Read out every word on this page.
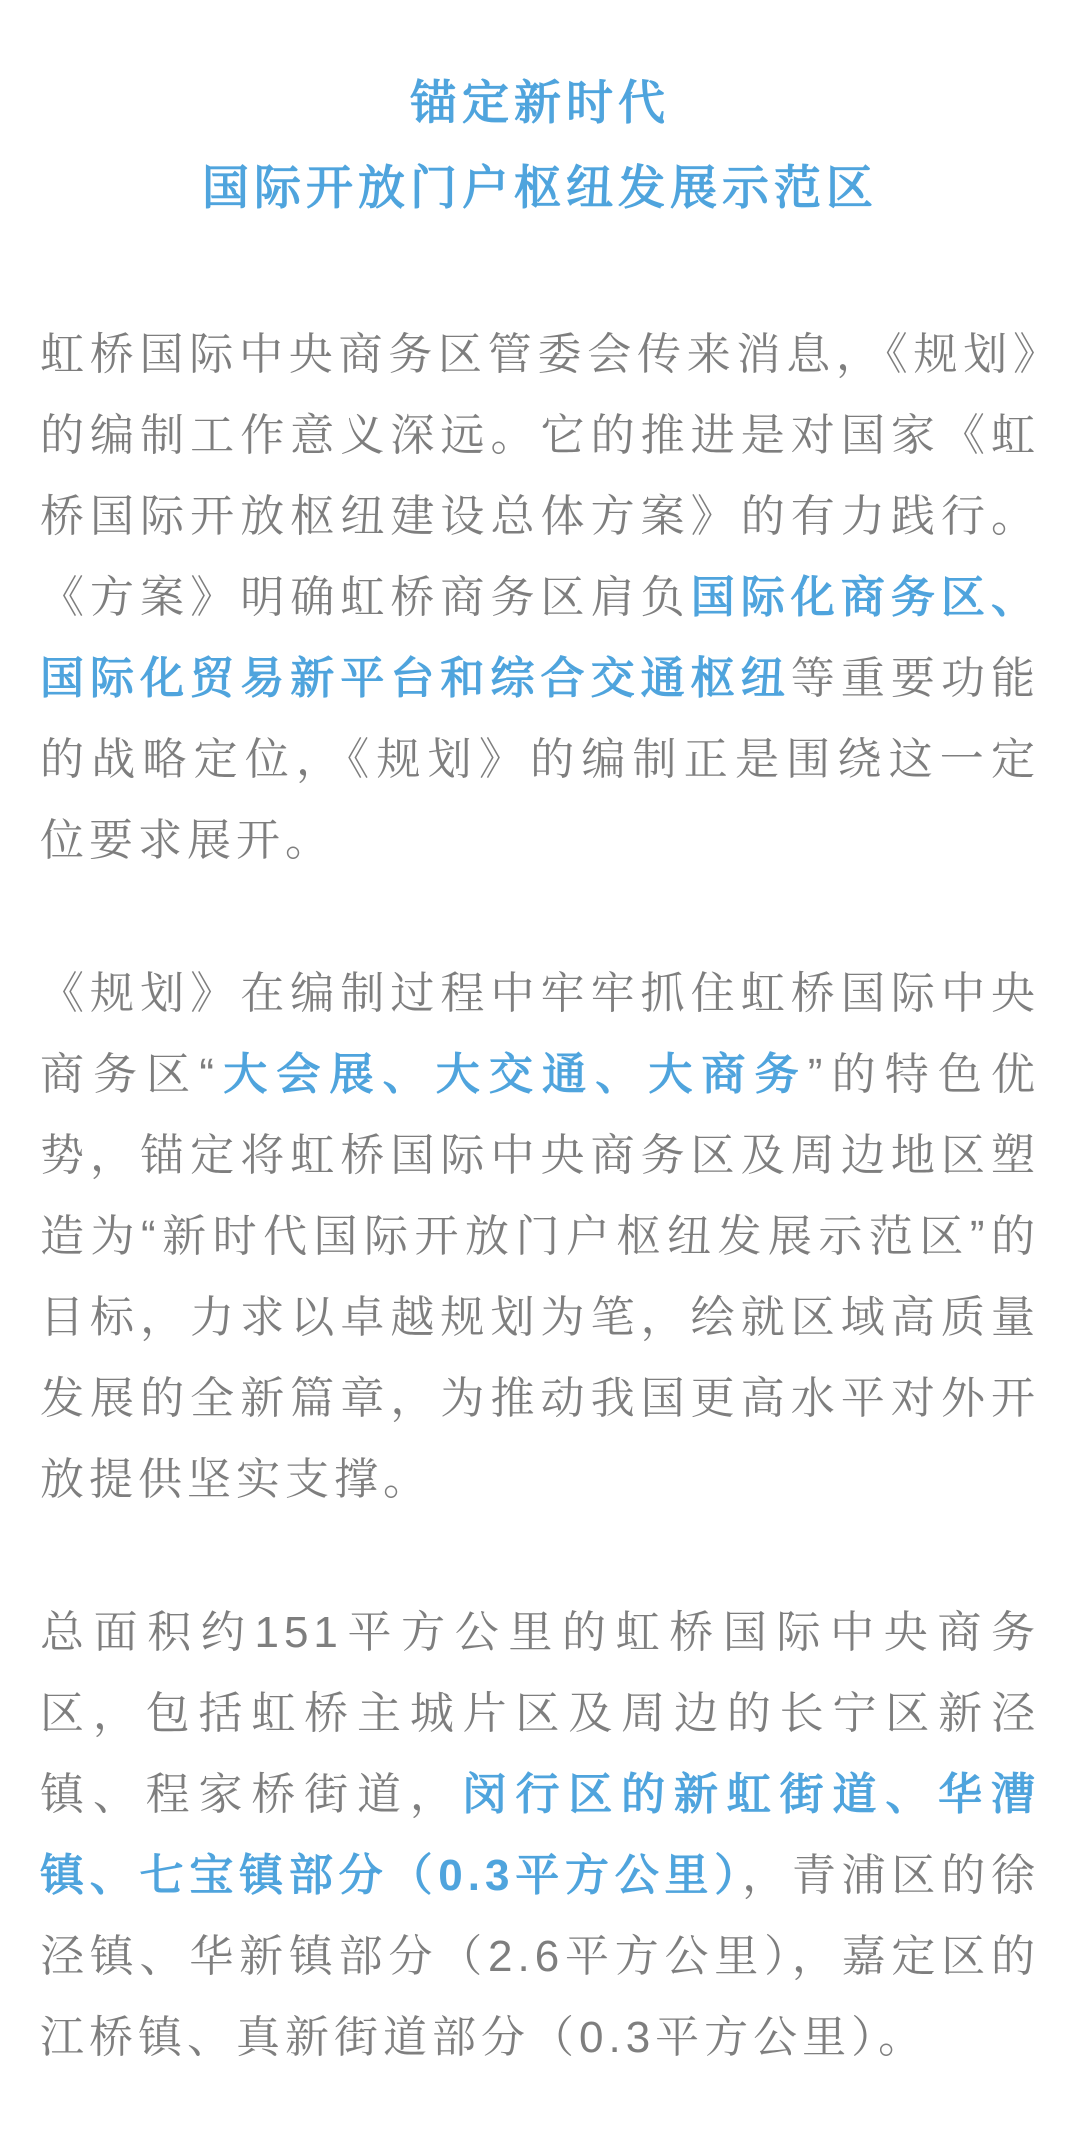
锚定新时代
国际开放门户枢纽发展示范区

虹桥国际中央商务区管委会传来消息，《规划》的编制工作意义深远。它的推进是对国家《虹桥国际开放枢纽建设总体方案》的有力践行。《方案》明确虹桥商务区肩负国际化商务区、国际化贸易新平台和综合交通枢纽等重要功能的战略定位，《规划》的编制正是围绕这一定位要求展开。

《规划》在编制过程中牢牢抓住虹桥国际中央商务区“大会展、大交通、大商务”的特色优势，锚定将虹桥国际中央商务区及周边地区塑造为“新时代国际开放门户枢纽发展示范区”的目标，力求以卓越规划为笔，绘就区域高质量发展的全新篇章，为推动我国更高水平对外开放提供坚实支撑。

总面积约151平方公里的虹桥国际中央商务区，包括虹桥主城片区及周边的长宁区新泾镇、程家桥街道，闵行区的新虹街道、华漕镇、七宝镇部分（0.3平方公里），青浦区的徐泾镇、华新镇部分（2.6平方公里），嘉定区的江桥镇、真新街道部分（0.3平方公里）。
